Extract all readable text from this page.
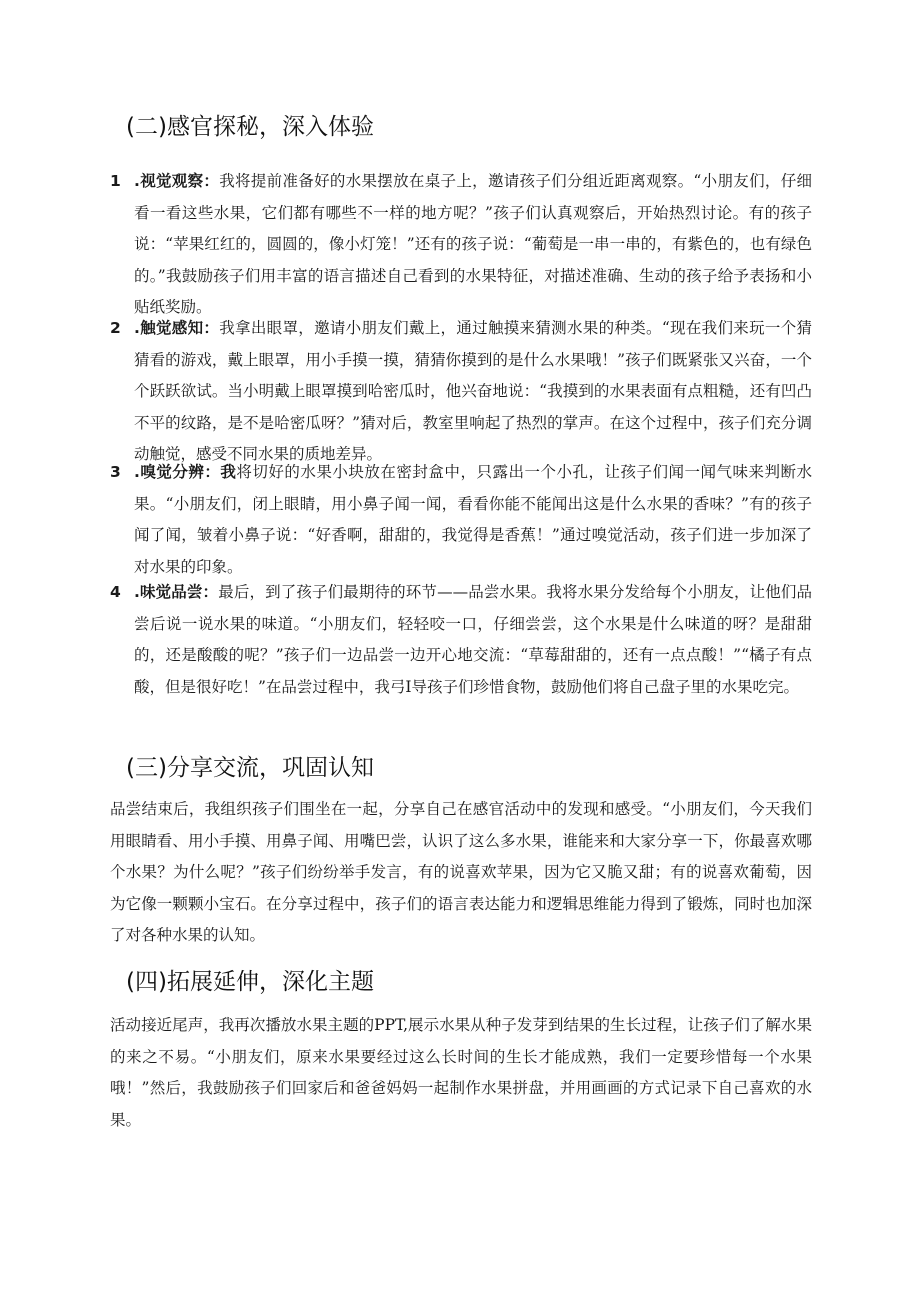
(二)感官探秘，深入体验
1 .视觉观察：我将提前准备好的水果摆放在桌子上，邀请孩子们分组近距离观察。“小朋友们，仔细看一看这些水果，它们都有哪些不一样的地方呢？”孩子们认真观察后，开始热烈讨论。有的孩子说：“苹果红红的，圆圆的，像小灯笼！”还有的孩子说：“葡萄是一串一串的，有紫色的，也有绿色的。”我鼓励孩子们用丰富的语言描述自己看到的水果特征，对描述准确、生动的孩子给予表扬和小贴纸奖励。
2 .触觉感知：我拿出眼罩，邀请小朋友们戴上，通过触摸来猜测水果的种类。“现在我们来玩一个猜猜看的游戏，戴上眼罩，用小手摸一摸，猜猜你摸到的是什么水果哦！”孩子们既紧张又兴奋，一个个跃跃欲试。当小明戴上眼罩摸到哈密瓜时，他兴奋地说：“我摸到的水果表面有点粗糙，还有凹凸不平的纹路，是不是哈密瓜呀？”猜对后，教室里响起了热烈的掌声。在这个过程中，孩子们充分调动触觉，感受不同水果的质地差异。
3 .嗅觉分辨：我将切好的水果小块放在密封盒中，只露出一个小孔，让孩子们闻一闻气味来判断水果。“小朋友们，闭上眼睛，用小鼻子闻一闻，看看你能不能闻出这是什么水果的香味？”有的孩子闻了闻，皱着小鼻子说：“好香啊，甜甜的，我觉得是香蕉！”通过嗅觉活动，孩子们进一步加深了对水果的印象。
4 .味觉品尝：最后，到了孩子们最期待的环节——品尝水果。我将水果分发给每个小朋友，让他们品尝后说一说水果的味道。“小朋友们，轻轻咬一口，仔细尝尝，这个水果是什么味道的呀？是甜甜的，还是酸酸的呢？”孩子们一边品尝一边开心地交流：“草莓甜甜的，还有一点点酸！”“橘子有点酸，但是很好吃！”在品尝过程中，我弓I导孩子们珍惜食物，鼓励他们将自己盘子里的水果吃完。
(三)分享交流，巩固认知

品尝结束后，我组织孩子们围坐在一起，分享自己在感官活动中的发现和感受。“小朋友们，今天我们用眼睛看、用小手摸、用鼻子闻、用嘴巴尝，认识了这么多水果，谁能来和大家分享一下，你最喜欢哪个水果？为什么呢？”孩子们纷纷举手发言，有的说喜欢苹果，因为它又脆又甜；有的说喜欢葡萄，因为它像一颗颗小宝石。在分享过程中，孩子们的语言表达能力和逻辑思维能力得到了锻炼，同时也加深了对各种水果的认知。

(四)拓展延伸，深化主题

活动接近尾声，我再次播放水果主题的PPT,展示水果从种子发芽到结果的生长过程，让孩子们了解水果的来之不易。“小朋友们，原来水果要经过这么长时间的生长才能成熟，我们一定要珍惜每一个水果哦！”然后，我鼓励孩子们回家后和爸爸妈妈一起制作水果拼盘，并用画画的方式记录下自己喜欢的水果。
